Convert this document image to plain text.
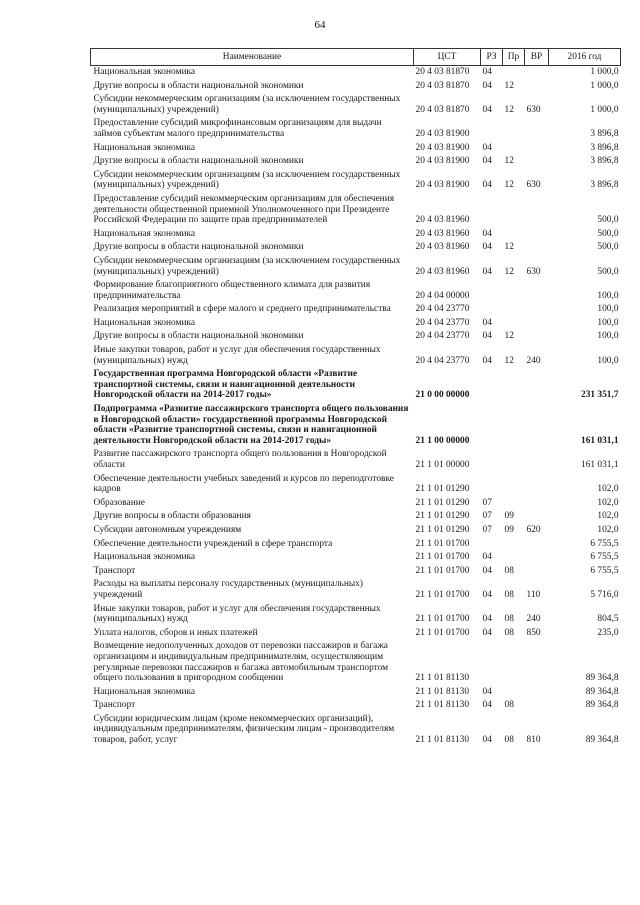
64
Наименование	ЦСТ	РЗ	Пр	ВР	2016 год
Национальная экономика	20 4 03 81870	04			1 000,0
Другие вопросы в области национальной экономики	20 4 03 81870	04	12		1 000,0
Субсидии некоммерческим организациям (за исключением государственных (муниципальных) учреждений)	20 4 03 81870	04	12	630	1 000,0
Предоставление субсидий микрофинансовым организациям для выдачи займов субъектам малого предпринимательства	20 4 03 81900				3 896,8
Национальная экономика	20 4 03 81900	04			3 896,8
Другие вопросы в области национальной экономики	20 4 03 81900	04	12		3 896,8
Субсидии некоммерческим организациям (за исключением государственных (муниципальных) учреждений)	20 4 03 81900	04	12	630	3 896,8
Предоставление субсидий некоммерческим организациям для обеспечения деятельности общественной приемной Уполномоченного при Президенте Российской Федерации по защите прав предпринимателей	20 4 03 81960				500,0
Национальная экономика	20 4 03 81960	04			500,0
Другие вопросы в области национальной экономики	20 4 03 81960	04	12		500,0
Субсидии некоммерческим организациям (за исключением государственных (муниципальных) учреждений)	20 4 03 81960	04	12	630	500,0
Формирование благоприятного общественного климата для развития предпринимательства	20 4 04 00000				100,0
Реализация мероприятий в сфере малого и среднего предпринимательства	20 4 04 23770				100,0
Национальная экономика	20 4 04 23770	04			100,0
Другие вопросы в области национальной экономики	20 4 04 23770	04	12		100,0
Иные закупки товаров, работ и услуг для обеспечения государственных (муниципальных) нужд	20 4 04 23770	04	12	240	100,0
Государственная программа Новгородской области «Развитие транспортной системы, связи и навигационной деятельности Новгородской области на 2014-2017 годы»	21 0 00 00000				231 351,7
Подпрограмма «Развитие пассажирского транспорта общего пользования в Новгородской области» государственной программы Новгородской области «Развитие транспортной системы, связи и навигационной деятельности Новгородской области на 2014-2017 годы»	21 1 00 00000				161 031,1
Развитие пассажирского транспорта общего пользования в Новгородской области	21 1 01 00000				161 031,1
Обеспечение деятельности учебных заведений и курсов по переподготовке кадров	21 1 01 01290				102,0
Образование	21 1 01 01290	07			102,0
Другие вопросы в области образования	21 1 01 01290	07	09		102,0
Субсидии автономным учреждениям	21 1 01 01290	07	09	620	102,0
Обеспечение деятельности учреждений в сфере транспорта	21 1 01 01700				6 755,5
Национальная экономика	21 1 01 01700	04			6 755,5
Транспорт	21 1 01 01700	04	08		6 755,5
Расходы на выплаты персоналу государственных (муниципальных) учреждений	21 1 01 01700	04	08	110	5 716,0
Иные закупки товаров, работ и услуг для обеспечения государственных (муниципальных) нужд	21 1 01 01700	04	08	240	804,5
Уплата налогов, сборов и иных платежей	21 1 01 01700	04	08	850	235,0
Возмещение недополученных доходов от перевозки пассажиров и багажа организациям и индивидуальным предпринимателям, осуществляющим регулярные перевозки пассажиров и багажа автомобильным транспортом общего пользования в пригородном сообщении	21 1 01 81130				89 364,8
Национальная экономика	21 1 01 81130	04			89 364,8
Транспорт	21 1 01 81130	04	08		89 364,8
Субсидии юридическим лицам (кроме некоммерческих организаций), индивидуальным предпринимателям, физическим лицам - производителям товаров, работ, услуг	21 1 01 81130	04	08	810	89 364,8
